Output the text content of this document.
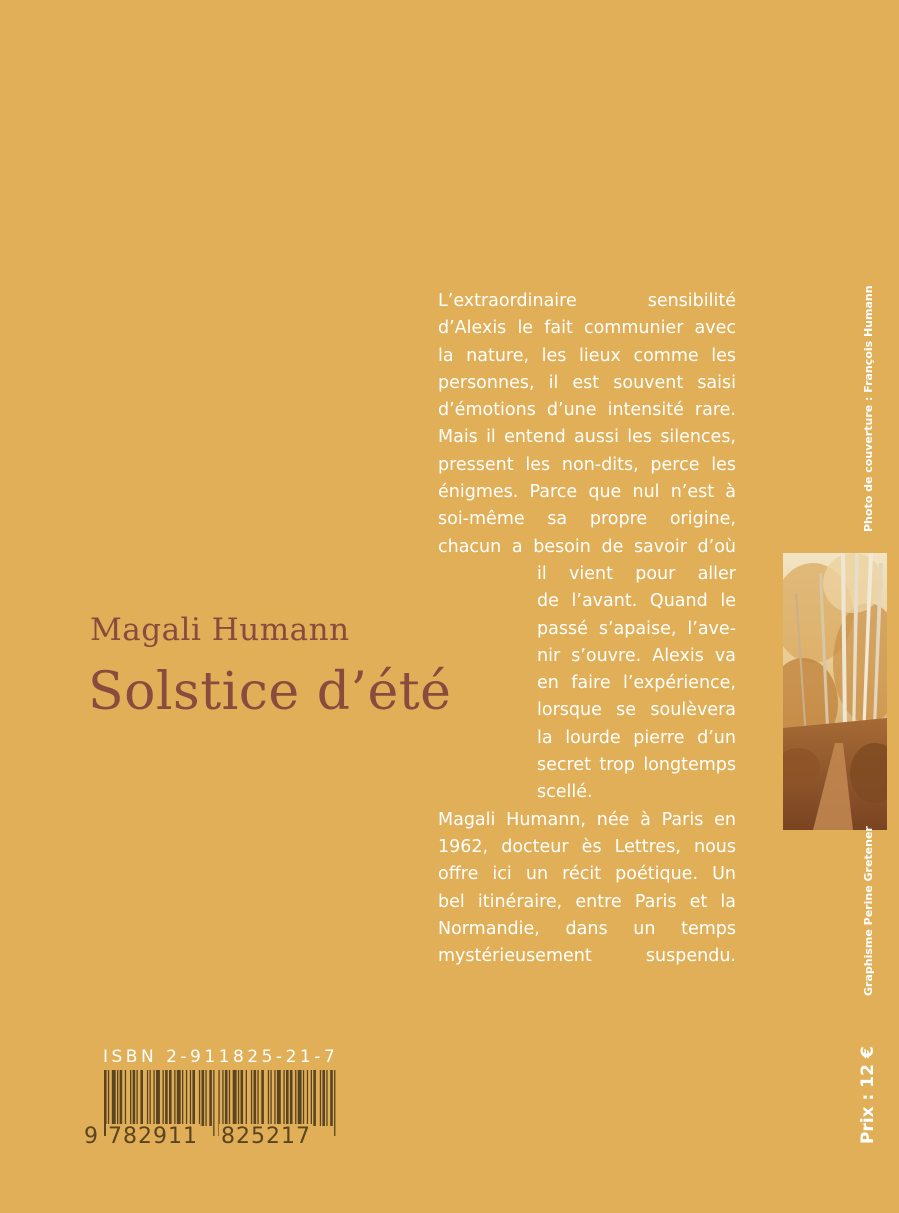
Magali Humann
Solstice d’été
L’extraordinaire sensibilité
d’Alexis le fait communier avec
la nature, les lieux comme les
personnes, il est souvent saisi
d’émotions d’une intensité rare.
Mais il entend aussi les silences,
pressent les non-dits, perce les
énigmes. Parce que nul n’est à
soi-même sa propre origine,
chacun a besoin de savoir d’où
il vient pour aller
de l’avant. Quand le
passé s’apaise, l’ave-
nir s’ouvre. Alexis va
en faire l’expérience,
lorsque se soulèvera
la lourde pierre d’un
secret trop longtemps
scellé.
Magali Humann, née à Paris en
1962, docteur ès Lettres, nous
offre ici un récit poétique. Un
bel itinéraire, entre Paris et la
Normandie, dans un temps
mystérieusement suspendu.
Photo de couverture : François Humann
Graphisme Perine Gretener
Prix : 12 €
ISBN 2-911825-21-7
9 782911 825217
